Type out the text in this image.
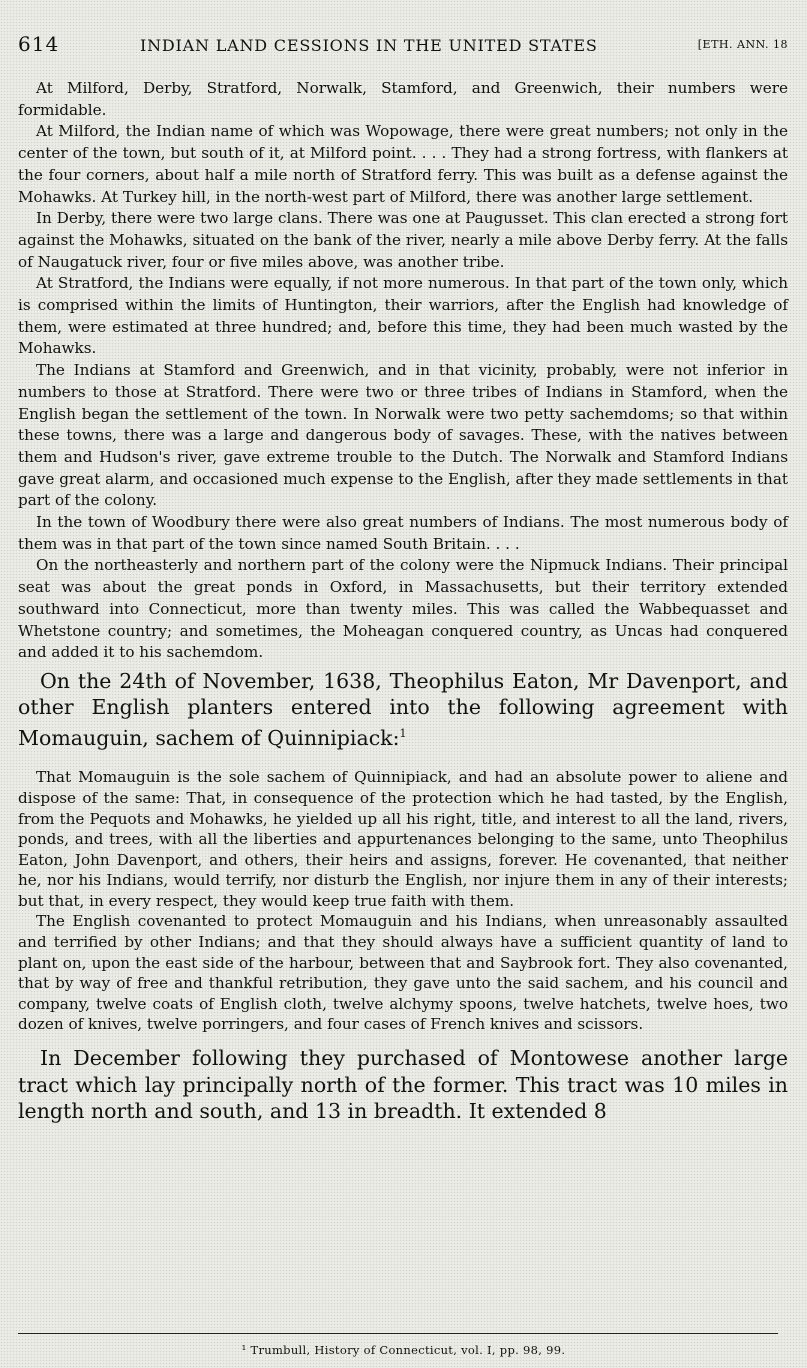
614	INDIAN LAND CESSIONS IN THE UNITED STATES	[ETH. ANN. 18

At Milford, Derby, Stratford, Norwalk, Stamford, and Greenwich, their numbers were formidable.

At Milford, the Indian name of which was Wopowage, there were great numbers; not only in the center of the town, but south of it, at Milford point. . . . They had a strong fortress, with flankers at the four corners, about half a mile north of Stratford ferry. This was built as a defense against the Mohawks. At Turkey hill, in the north-west part of Milford, there was another large settlement.

In Derby, there were two large clans. There was one at Paugusset. This clan erected a strong fort against the Mohawks, situated on the bank of the river, nearly a mile above Derby ferry. At the falls of Naugatuck river, four or five miles above, was another tribe.

At Stratford, the Indians were equally, if not more numerous. In that part of the town only, which is comprised within the limits of Huntington, their warriors, after the English had knowledge of them, were estimated at three hundred; and, before this time, they had been much wasted by the Mohawks.

The Indians at Stamford and Greenwich, and in that vicinity, probably, were not inferior in numbers to those at Stratford. There were two or three tribes of Indians in Stamford, when the English began the settlement of the town. In Norwalk were two petty sachemdoms; so that within these towns, there was a large and dangerous body of savages. These, with the natives between them and Hudson's river, gave extreme trouble to the Dutch. The Norwalk and Stamford Indians gave great alarm, and occasioned much expense to the English, after they made settlements in that part of the colony.

In the town of Woodbury there were also great numbers of Indians. The most numerous body of them was in that part of the town since named South Britain. . . .

On the northeasterly and northern part of the colony were the Nipmuck Indians. Their principal seat was about the great ponds in Oxford, in Massachusetts, but their territory extended southward into Connecticut, more than twenty miles. This was called the Wabbequasset and Whetstone country; and sometimes, the Moheagan conquered country, as Uncas had conquered and added it to his sachemdom.

On the 24th of November, 1638, Theophilus Eaton, Mr Davenport, and other English planters entered into the following agreement with Momauguin, sachem of Quinnipiack:$^1$

That Momauguin is the sole sachem of Quinnipiack, and had an absolute power to aliene and dispose of the same: That, in consequence of the protection which he had tasted, by the English, from the Pequots and Mohawks, he yielded up all his right, title, and interest to all the land, rivers, ponds, and trees, with all the liberties and appurtenances belonging to the same, unto Theophilus Eaton, John Davenport, and others, their heirs and assigns, forever. He covenanted, that neither he, nor his Indians, would terrify, nor disturb the English, nor injure them in any of their interests; but that, in every respect, they would keep true faith with them.

The English covenanted to protect Momauguin and his Indians, when unreasonably assaulted and terrified by other Indians; and that they should always have a sufficient quantity of land to plant on, upon the east side of the harbour, between that and Saybrook fort. They also covenanted, that by way of free and thankful retribution, they gave unto the said sachem, and his council and company, twelve coats of English cloth, twelve alchymy spoons, twelve hatchets, twelve hoes, two dozen of knives, twelve porringers, and four cases of French knives and scissors.

In December following they purchased of Montowese another large tract which lay principally north of the former. This tract was 10 miles in length north and south, and 13 in breadth. It extended 8

¹ Trumbull, History of Connecticut, vol. I, pp. 98, 99.
